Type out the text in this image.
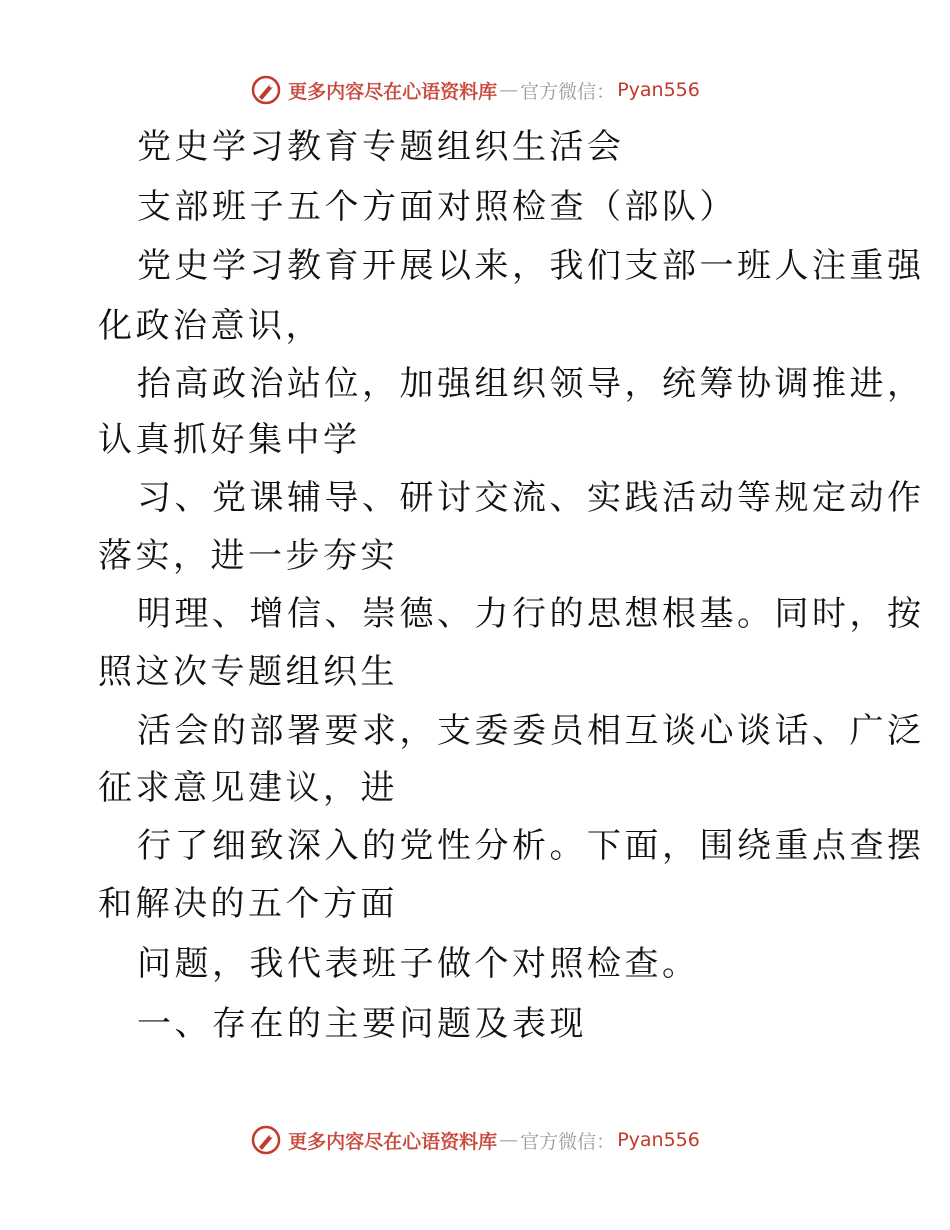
更多内容尽在心语资料库 — 官方微信： Pyan556
党史学习教育专题组织生活会
支部班子五个方面对照检查（部队）
党史学习教育开展以来，我们支部一班人注重强
化政治意识，
抬高政治站位，加强组织领导，统筹协调推进，
认真抓好集中学
习、党课辅导、研讨交流、实践活动等规定动作
落实，进一步夯实
明理、增信、崇德、力行的思想根基。同时，按
照这次专题组织生
活会的部署要求，支委委员相互谈心谈话、广泛
征求意见建议，进
行了细致深入的党性分析。下面，围绕重点查摆
和解决的五个方面
问题，我代表班子做个对照检查。
一、存在的主要问题及表现
更多内容尽在心语资料库 — 官方微信： Pyan556
